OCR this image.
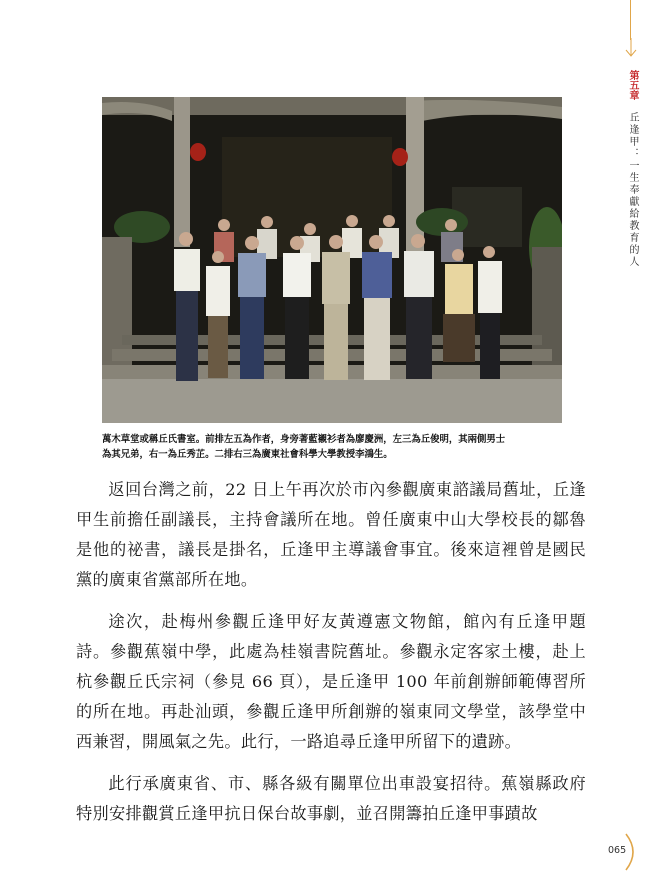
第五章
丘逢甲：一生奉獻給教育的人
萬木草堂或稱丘氏書室。前排左五為作者，身旁著藍襯衫者為廖慶洲，左三為丘俊明，其兩側男士
為其兄弟，右一為丘秀芷。二排右三為廣東社會科學大學教授李鴻生。

返回台灣之前，22 日上午再次於市內參觀廣東諮議局舊址，丘逢甲生前擔任副議長，主持會議所在地。曾任廣東中山大學校長的鄒魯是他的祕書，議長是掛名，丘逢甲主導議會事宜。後來這裡曾是國民黨的廣東省黨部所在地。

途次，赴梅州參觀丘逢甲好友黃遵憲文物館，館內有丘逢甲題詩。參觀蕉嶺中學，此處為桂嶺書院舊址。參觀永定客家土樓，赴上杭參觀丘氏宗祠（參見 66 頁），是丘逢甲 100 年前創辦師範傳習所的所在地。再赴汕頭，參觀丘逢甲所創辦的嶺東同文學堂，該學堂中西兼習，開風氣之先。此行，一路追尋丘逢甲所留下的遺跡。

此行承廣東省、市、縣各級有關單位出車設宴招待。蕉嶺縣政府特別安排觀賞丘逢甲抗日保台故事劇，並召開籌拍丘逢甲事蹟故

065
